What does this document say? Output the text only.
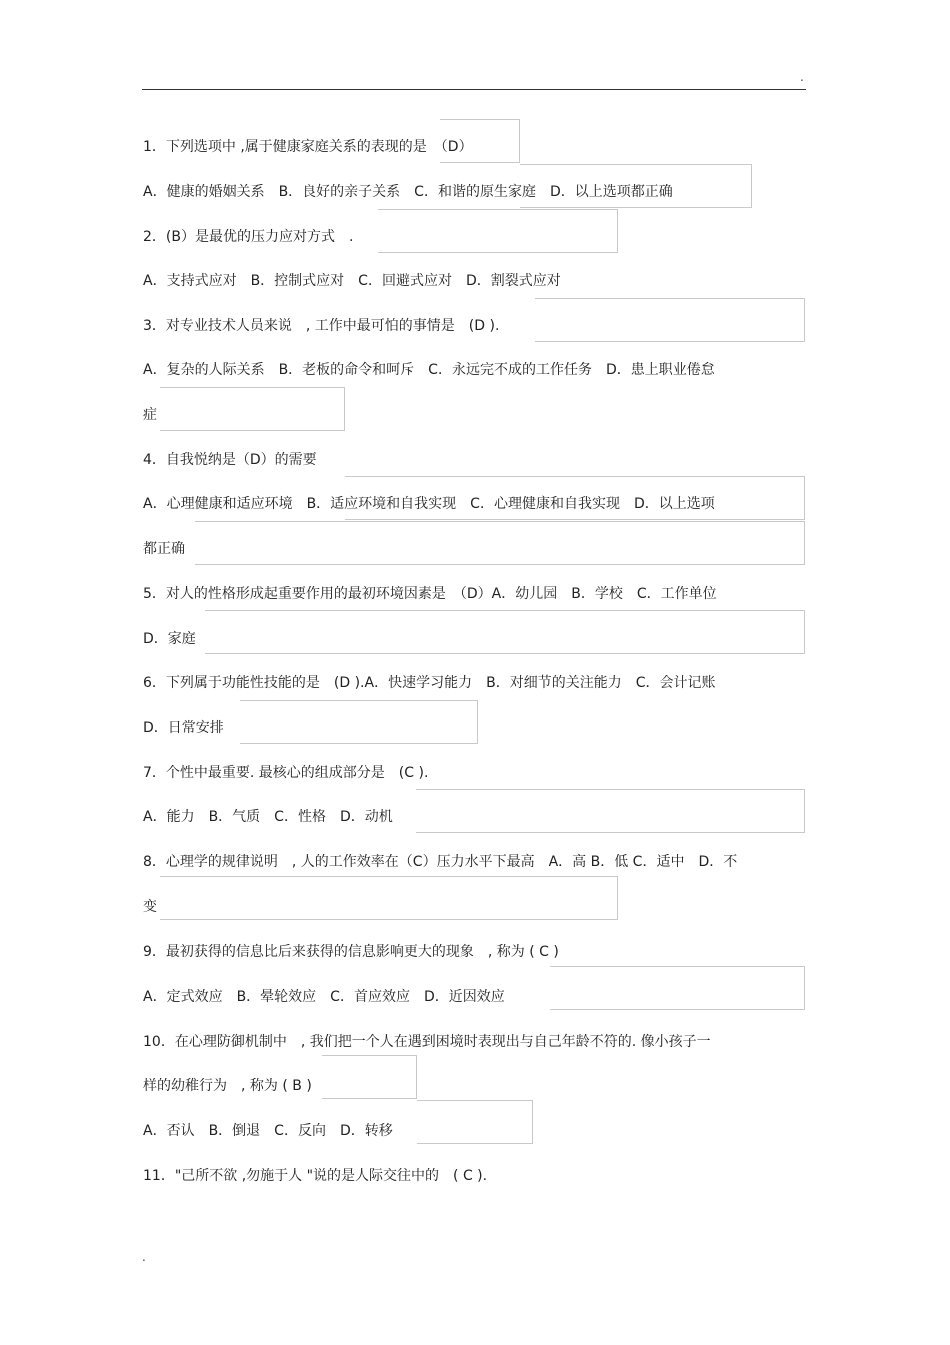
.
1．下列选项中 ,属于健康家庭关系的表现的是　（D）
A．健康的婚姻关系　B．良好的亲子关系　C．和谐的原生家庭　D．以上选项都正确
2．(B）是最优的压力应对方式　.
A．支持式应对　B．控制式应对　C．回避式应对　D．割裂式应对
3．对专业技术人员来说　, 工作中最可怕的事情是　(D ).
A．复杂的人际关系　B．老板的命令和呵斥　C．永远完不成的工作任务　D．患上职业倦怠
症
4．自我悦纳是（D）的需要
A．心理健康和适应环境　B．适应环境和自我实现　C．心理健康和自我实现　D．以上选项
都正确
5．对人的性格形成起重要作用的最初环境因素是　（D）A．幼儿园　B．学校　C．工作单位
D．家庭
6．下列属于功能性技能的是　(D ).A．快速学习能力　B．对细节的关注能力　C．会计记账
D．日常安排
7．个性中最重要. 最核心的组成部分是　(C ).
A．能力　B．气质　C．性格　D．动机
8．心理学的规律说明　, 人的工作效率在（C）压力水平下最高　A．高 B．低 C．适中　D．不
变
9．最初获得的信息比后来获得的信息影响更大的现象　, 称为 ( C )
A．定式效应　B．晕轮效应　C．首应效应　D．近因效应
10．在心理防御机制中　, 我们把一个人在遇到困境时表现出与自己年龄不符的. 像小孩子一
样的幼稚行为　, 称为 ( B )
A．否认　B．倒退　C．反向　D．转移
11．"己所不欲 ,勿施于人 "说的是人际交往中的　( C ).
.
